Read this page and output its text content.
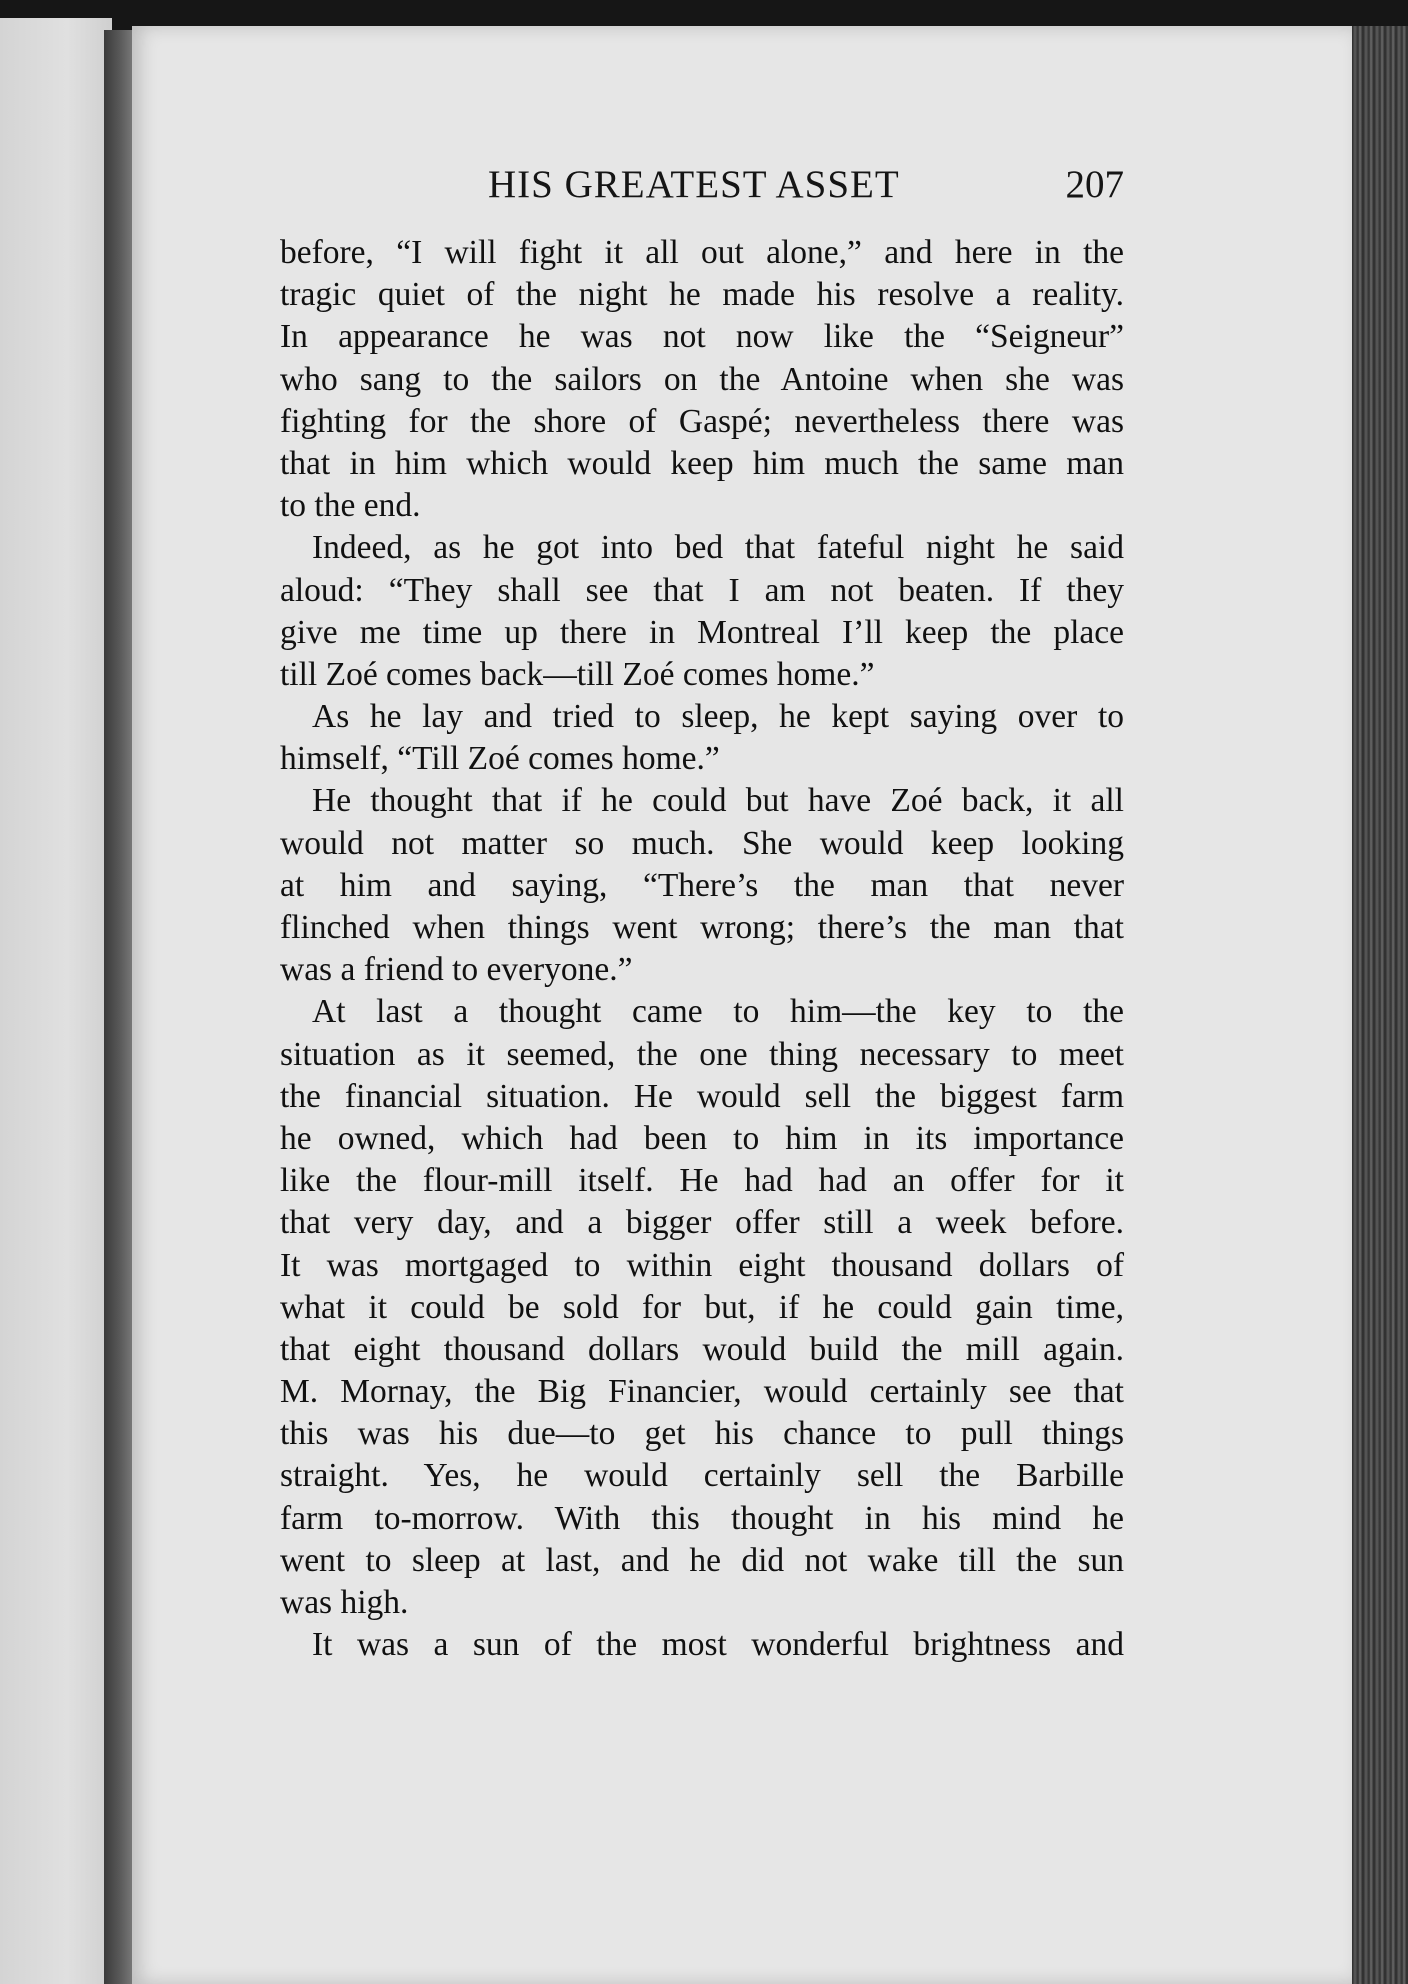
HIS GREATEST ASSET	207
before, “I will fight it all out alone,” and here in the
tragic quiet of the night he made his resolve a reality.
In appearance he was not now like the “Seigneur”
who sang to the sailors on the Antoine when she was
fighting for the shore of Gaspé; nevertheless there was
that in him which would keep him much the same man
to the end.
Indeed, as he got into bed that fateful night he said
aloud: “They shall see that I am not beaten. If they
give me time up there in Montreal I’ll keep the place
till Zoé comes back—till Zoé comes home.”
As he lay and tried to sleep, he kept saying over to
himself, “Till Zoé comes home.”
He thought that if he could but have Zoé back, it all
would not matter so much. She would keep looking
at him and saying, “There’s the man that never
flinched when things went wrong; there’s the man that
was a friend to everyone.”
At last a thought came to him—the key to the
situation as it seemed, the one thing necessary to meet
the financial situation. He would sell the biggest farm
he owned, which had been to him in its importance
like the flour-mill itself. He had had an offer for it
that very day, and a bigger offer still a week before.
It was mortgaged to within eight thousand dollars of
what it could be sold for but, if he could gain time,
that eight thousand dollars would build the mill again.
M. Mornay, the Big Financier, would certainly see that
this was his due—to get his chance to pull things
straight. Yes, he would certainly sell the Barbille
farm to-morrow. With this thought in his mind he
went to sleep at last, and he did not wake till the sun
was high.
It was a sun of the most wonderful brightness and
